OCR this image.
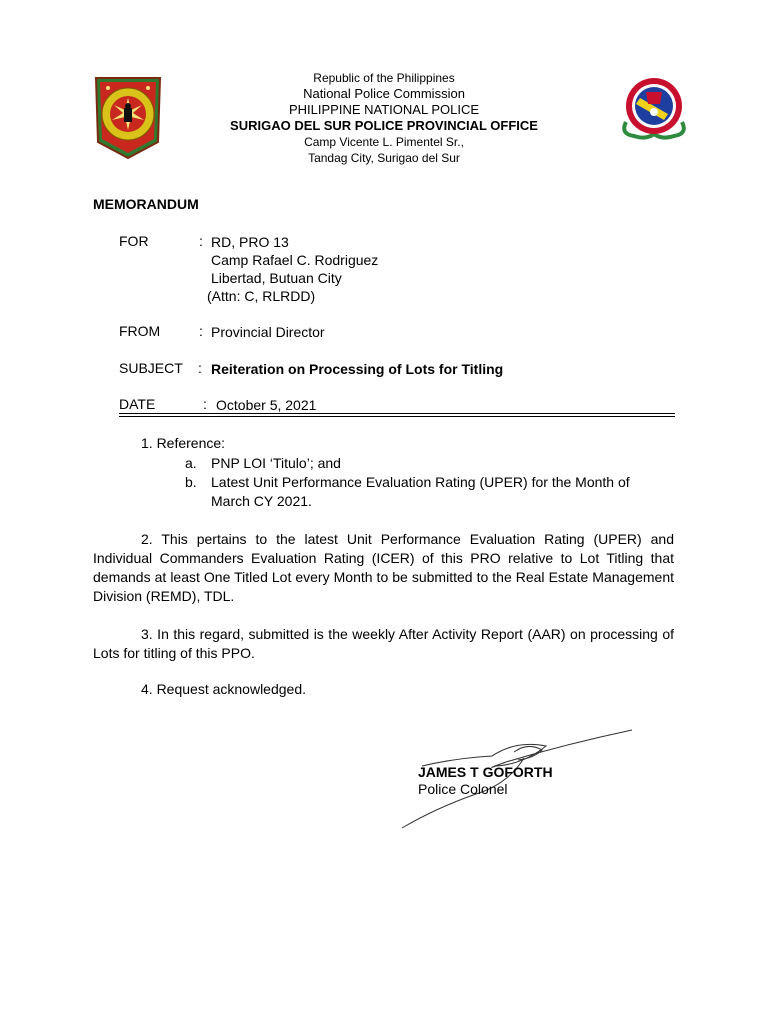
Republic of the Philippines
National Police Commission
PHILIPPINE NATIONAL POLICE
SURIGAO DEL SUR POLICE PROVINCIAL OFFICE
Camp Vicente L. Pimentel Sr.,
Tandag City, Surigao del Sur
MEMORANDUM
FOR	: RD, PRO 13
Camp Rafael C. Rodriguez
Libertad, Butuan City
(Attn: C, RLRDD)
FROM	: Provincial Director
SUBJECT : Reiteration on Processing of Lots for Titling
DATE	: October 5, 2021
1. Reference:
a. PNP LOI ‘Titulo’; and
b. Latest Unit Performance Evaluation Rating (UPER) for the Month of
March CY 2021.
2. This pertains to the latest Unit Performance Evaluation Rating (UPER) and Individual Commanders Evaluation Rating (ICER) of this PRO relative to Lot Titling that demands at least One Titled Lot every Month to be submitted to the Real Estate Management Division (REMD), TDL.
3. In this regard, submitted is the weekly After Activity Report (AAR) on processing of Lots for titling of this PPO.
4. Request acknowledged.
JAMES T GOFORTH
Police Colonel
